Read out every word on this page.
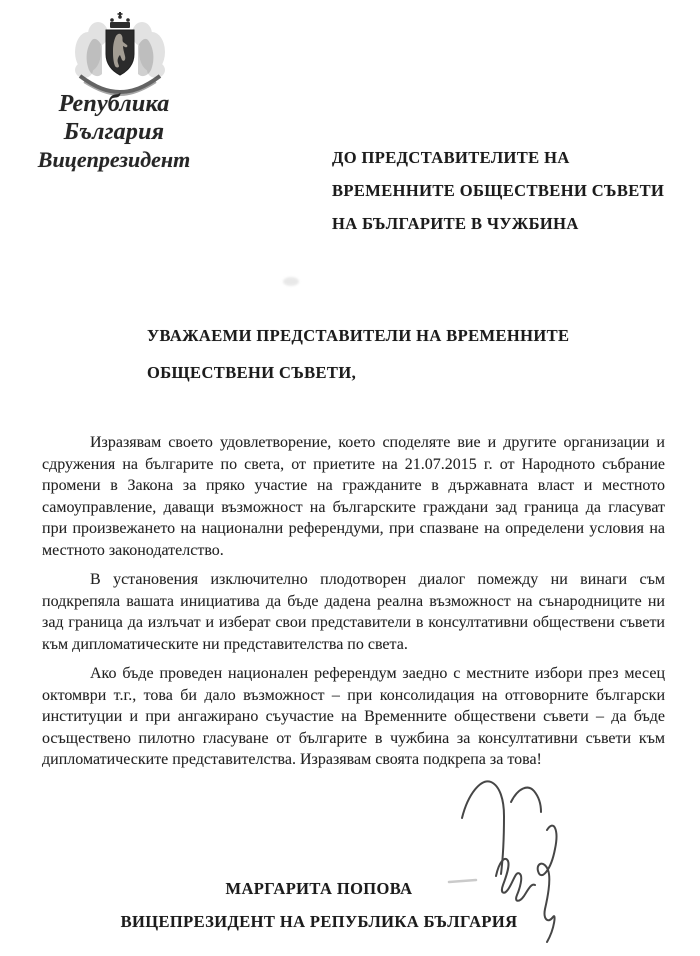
Република България
Вицепрезидент	ДО ПРЕДСТАВИТЕЛИТЕ НА
ВРЕМЕННИТЕ ОБЩЕСТВЕНИ СЪВЕТИ
НА БЪЛГАРИТЕ В ЧУЖБИНА
УВАЖАЕМИ ПРЕДСТАВИТЕЛИ НА ВРЕМЕННИТЕ
ОБЩЕСТВЕНИ СЪВЕТИ,

Изразявам своето удовлетворение, което споделяте вие и другите организации и сдружения на българите по света, от приетите на 21.07.2015 г. от Народното събрание промени в Закона за пряко участие на гражданите в държавната власт и местното самоуправление, даващи възможност на българските граждани зад граница да гласуват при произвежането на национални референдуми, при спазване на определени условия на местното законодателство.

В установения изключително плодотворен диалог помежду ни винаги съм подкрепяла вашата инициатива да бъде дадена реална възможност на сънародниците ни зад граница да излъчат и изберат свои представители в консултативни обществени съвети към дипломатическите ни представителства по света.

Ако бъде проведен национален референдум заедно с местните избори през месец октомври т.г., това би дало възможност – при консолидация на отговорните български институции и при ангажирано съучастие на Временните обществени съвети – да бъде осъществено пилотно гласуване от българите в чужбина за консултативни съвети към дипломатическите представителства. Изразявам своята подкрепа за това!

МАРГАРИТА ПОПОВА
ВИЦЕПРЕЗИДЕНТ НА РЕПУБЛИКА БЪЛГАРИЯ
